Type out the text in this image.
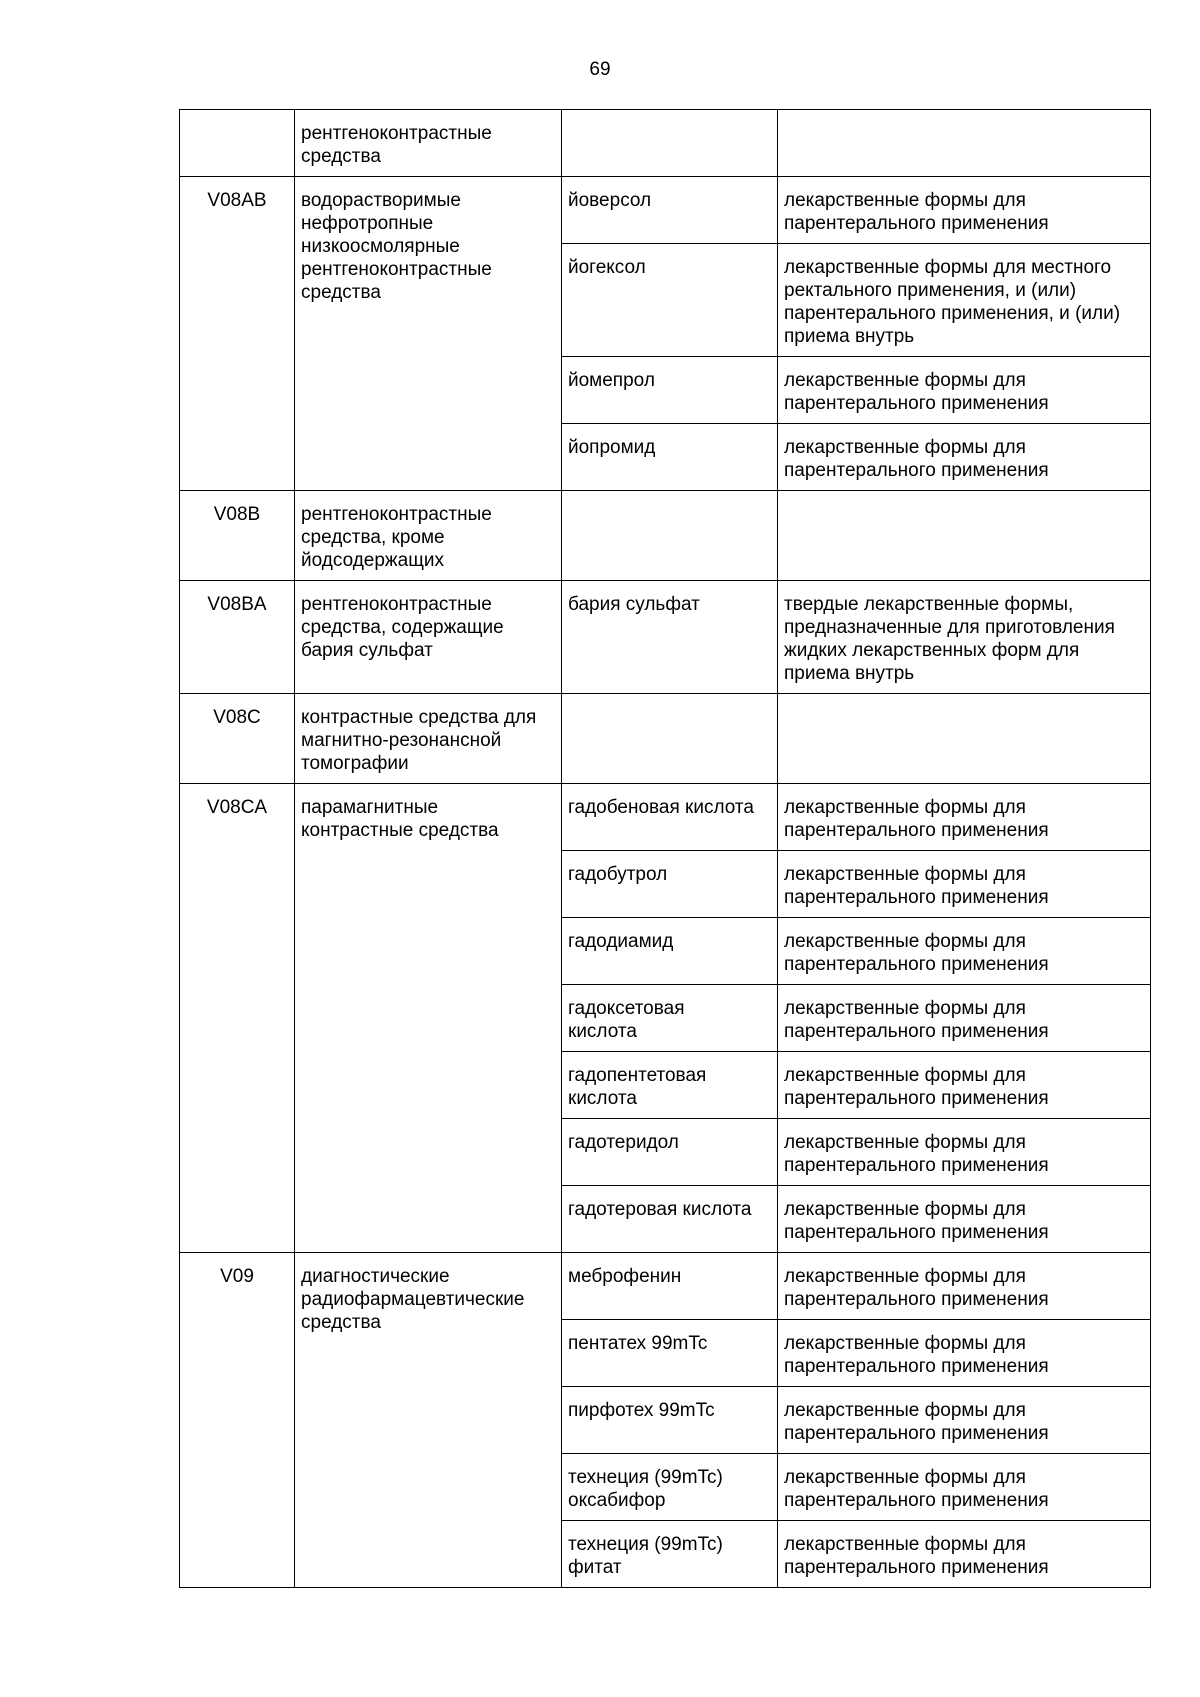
69

	рентгеноконтрастные
средства		

V08AB	водорастворимые
нефротропные
низкоосмолярные
рентгеноконтрастные
средства	йоверсол	лекарственные формы для
парентерального применения

		йогексол	лекарственные формы для местного
ректального применения, и (или)
парентерального применения, и (или)
приема внутрь

		йомепрол	лекарственные формы для
парентерального применения

		йопромид	лекарственные формы для
парентерального применения

V08B	рентгеноконтрастные
средства, кроме
йодсодержащих		

V08BA	рентгеноконтрастные
средства, содержащие
бария сульфат	бария сульфат	твердые лекарственные формы,
предназначенные для приготовления
жидких лекарственных форм для
приема внутрь

V08C	контрастные средства для
магнитно-резонансной
томографии		

V08CA	парамагнитные
контрастные средства	гадобеновая кислота	лекарственные формы для
парентерального применения

		гадобутрол	лекарственные формы для
парентерального применения

		гадодиамид	лекарственные формы для
парентерального применения

		гадоксетовая
кислота	лекарственные формы для
парентерального применения

		гадопентетовая
кислота	лекарственные формы для
парентерального применения

		гадотеридол	лекарственные формы для
парентерального применения

		гадотеровая кислота	лекарственные формы для
парентерального применения

V09	диагностические
радиофармацевтические
средства	меброфенин	лекарственные формы для
парентерального применения

		пентатех 99mTc	лекарственные формы для
парентерального применения

		пирфотех 99mTc	лекарственные формы для
парентерального применения

		технеция (99mTc)
оксабифор	лекарственные формы для
парентерального применения

		технеция (99mTc)
фитат	лекарственные формы для
парентерального применения
